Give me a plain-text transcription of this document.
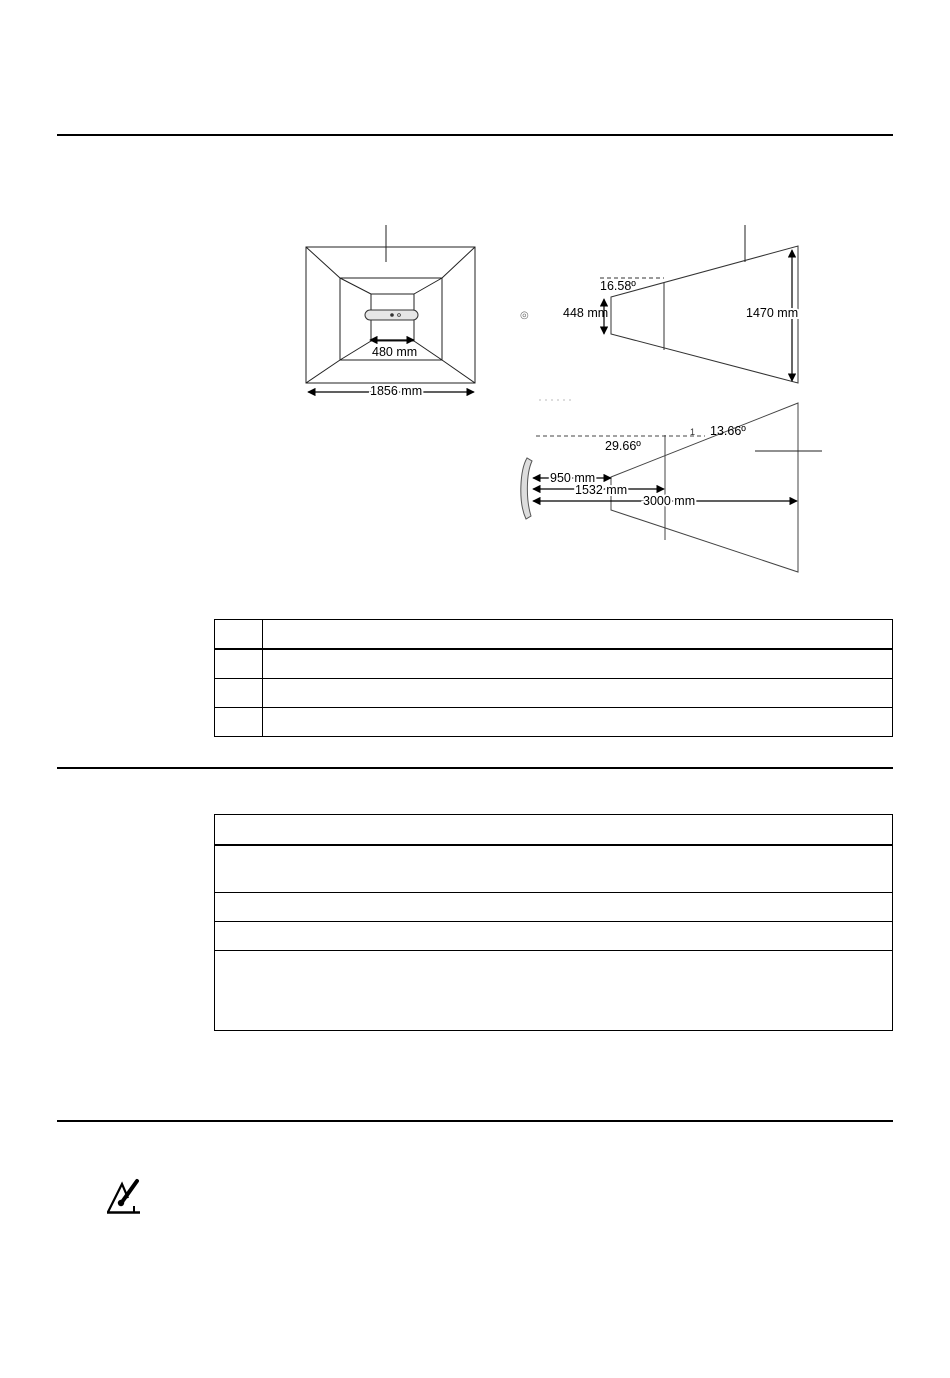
480 mm
1856 mm
◎
16.58º
448 mm	1470 mm
1 13.66º
29.66º
950 mm
1532 mm
3000 mm
